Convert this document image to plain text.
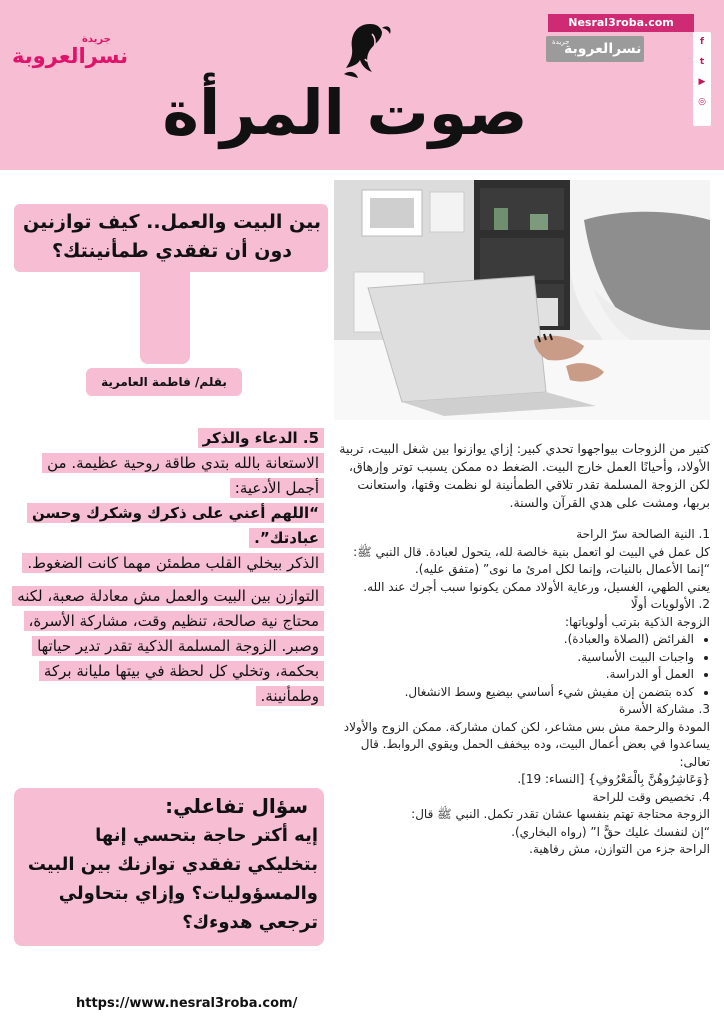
جريدة
نسرالعروبة
صوت المرأة
Nesral3roba.com
جريدة
نسرالعروبة	f
t
▶
◎
بين البيت والعمل.. كيف توازنين دون أن تفقدي طمأنينتك؟
بقلم/ فاطمة العامرية

5. الدعاء والذكر

الاستعانة بالله بتدي طاقة روحية عظيمة. من أجمل الأدعية:

“اللهم أعني على ذكرك وشكرك وحسن عبادتك”.

الذكر بيخلي القلب مطمئن مهما كانت الضغوط.

التوازن بين البيت والعمل مش معادلة صعبة، لكنه محتاج نية صالحة، تنظيم وقت، مشاركة الأسرة، وصبر. الزوجة المسلمة الذكية تقدر تدير حياتها بحكمة، وتخلي كل لحظة في بيتها مليانة بركة وطمأنينة.

سؤال تفاعلي:
إيه أكتر حاجة بتحسي إنها بتخليكي تفقدي توازنك بين البيت والمسؤوليات؟ وإزاي بتحاولي ترجعي هدوءك؟
https://www.nesral3roba.com/

كتير من الزوجات بيواجهوا تحدي كبير: إزاي يوازنوا بين شغل البيت، تربية الأولاد، وأحيانًا العمل خارج البيت. الضغط ده ممكن يسبب توتر وإرهاق، لكن الزوجة المسلمة تقدر تلاقي الطمأنينة لو نظمت وقتها، واستعانت بربها، ومشت على هدي القرآن والسنة.

1. النية الصالحة سرّ الراحة

كل عمل في البيت لو اتعمل بنية خالصة لله، يتحول لعبادة. قال النبي ﷺ:

“إنما الأعمال بالنيات، وإنما لكل امرئ ما نوى” (متفق عليه).

يعني الطهي، الغسيل، ورعاية الأولاد ممكن يكونوا سبب أجرك عند الله.

2. الأولويات أولًا

الزوجة الذكية بترتب أولوياتها:

• الفرائض (الصلاة والعبادة).
• واجبات البيت الأساسية.
• العمل أو الدراسة.
• كده بتضمن إن مفيش شيء أساسي بيضيع وسط الانشغال.

3. مشاركة الأسرة

المودة والرحمة مش بس مشاعر، لكن كمان مشاركة. ممكن الزوج والأولاد يساعدوا في بعض أعمال البيت، وده بيخفف الحمل ويقوي الروابط. قال تعالى:

{وَعَاشِرُوهُنَّ بِالْمَعْرُوفِ} [النساء: 19].

4. تخصيص وقت للراحة

الزوجة محتاجة تهتم بنفسها عشان تقدر تكمل. النبي ﷺ قال:

“إن لنفسك عليك حقًّ ا” (رواه البخاري).

الراحة جزء من التوازن، مش رفاهية.
